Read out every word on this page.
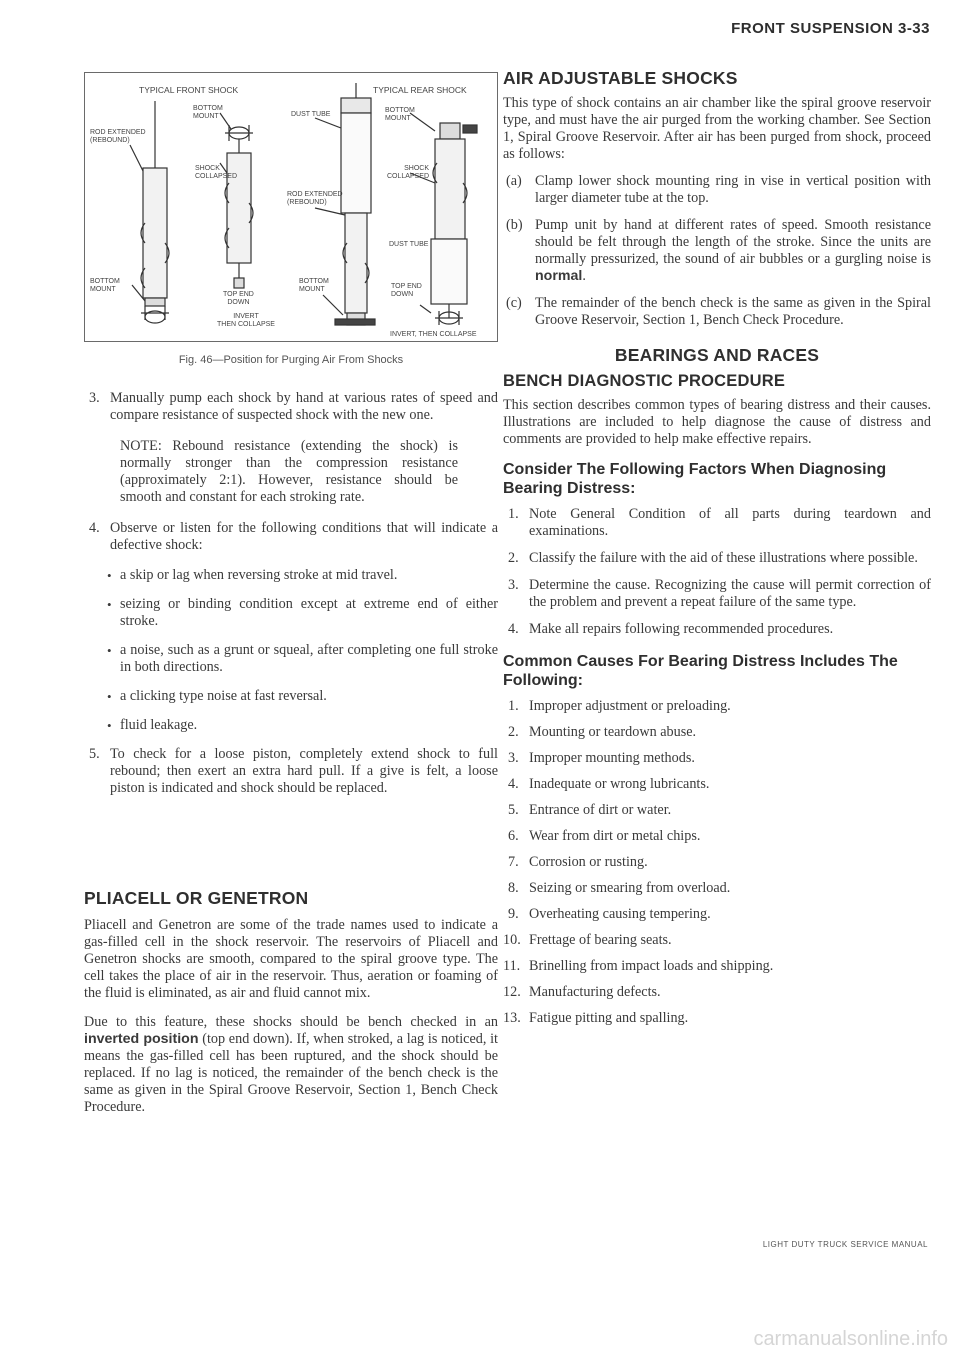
FRONT SUSPENSION 3-33
TYPICAL FRONT SHOCK	TYPICAL REAR SHOCK
BOTTOM
MOUNT
ROD EXTENDED
(REBOUND)
SHOCK
COLLAPSED
BOTTOM
MOUNT
TOP END
DOWN
INVERT
THEN COLLAPSE
DUST TUBE
ROD EXTENDED
(REBOUND)
BOTTOM
MOUNT
BOTTOM
MOUNT
SHOCK
COLLAPSED
DUST TUBE
TOP END
DOWN
INVERT, THEN COLLAPSE
Fig. 46—Position for Purging Air From Shocks
3. Manually pump each shock by hand at various rates of speed and compare resistance of suspected shock with the new one.
NOTE: Rebound resistance (extending the shock) is normally stronger than the compression resistance (approximately 2:1). However, resistance should be smooth and constant for each stroking rate.
4. Observe or listen for the following conditions that will indicate a defective shock:
• a skip or lag when reversing stroke at mid travel.
• seizing or binding condition except at extreme end of either stroke.
• a noise, such as a grunt or squeal, after completing one full stroke in both directions.
• a clicking type noise at fast reversal.
• fluid leakage.
5. To check for a loose piston, completely extend shock to full rebound; then exert an extra hard pull. If a give is felt, a loose piston is indicated and shock should be replaced.
PLIACELL OR GENETRON

Pliacell and Genetron are some of the trade names used to indicate a gas-filled cell in the shock reservoir. The reservoirs of Pliacell and Genetron shocks are smooth, compared to the spiral groove type. The cell takes the place of air in the reservoir. Thus, aeration or foaming of the fluid is eliminated, as air and fluid cannot mix.

Due to this feature, these shocks should be bench checked in an inverted position (top end down). If, when stroked, a lag is noticed, it means the gas-filled cell has been ruptured, and the shock should be replaced. If no lag is noticed, the remainder of the bench check is the same as given in the Spiral Groove Reservoir, Section 1, Bench Check Procedure.

AIR ADJUSTABLE SHOCKS

This type of shock contains an air chamber like the spiral groove reservoir type, and must have the air purged from the working chamber. See Section 1, Spiral Groove Reservoir. After air has been purged from shock, proceed as follows:

(a) Clamp lower shock mounting ring in vise in vertical position with larger diameter tube at the top.
(b) Pump unit by hand at different rates of speed. Smooth resistance should be felt through the length of the stroke. Since the units are normally pressurized, the sound of air bubbles or a gurgling noise is normal.
(c) The remainder of the bench check is the same as given in the Spiral Groove Reservoir, Section 1, Bench Check Procedure.
BEARINGS AND RACES
BENCH DIAGNOSTIC PROCEDURE

This section describes common types of bearing distress and their causes. Illustrations are included to help diagnose the cause of distress and comments are provided to help make effective repairs.

Consider The Following Factors When Diagnosing Bearing Distress:
1. Note General Condition of all parts during teardown and examinations.
2. Classify the failure with the aid of these illustrations where possible.
3. Determine the cause. Recognizing the cause will permit correction of the problem and prevent a repeat failure of the same type.
4. Make all repairs following recommended procedures.
Common Causes For Bearing Distress Includes The Following:
1. Improper adjustment or preloading.
2. Mounting or teardown abuse.
3. Improper mounting methods.
4. Inadequate or wrong lubricants.
5. Entrance of dirt or water.
6. Wear from dirt or metal chips.
7. Corrosion or rusting.
8. Seizing or smearing from overload.
9. Overheating causing tempering.
10. Frettage of bearing seats.
11. Brinelling from impact loads and shipping.
12. Manufacturing defects.
13. Fatigue pitting and spalling.
LIGHT DUTY TRUCK SERVICE MANUAL
carmanualsonline.info
